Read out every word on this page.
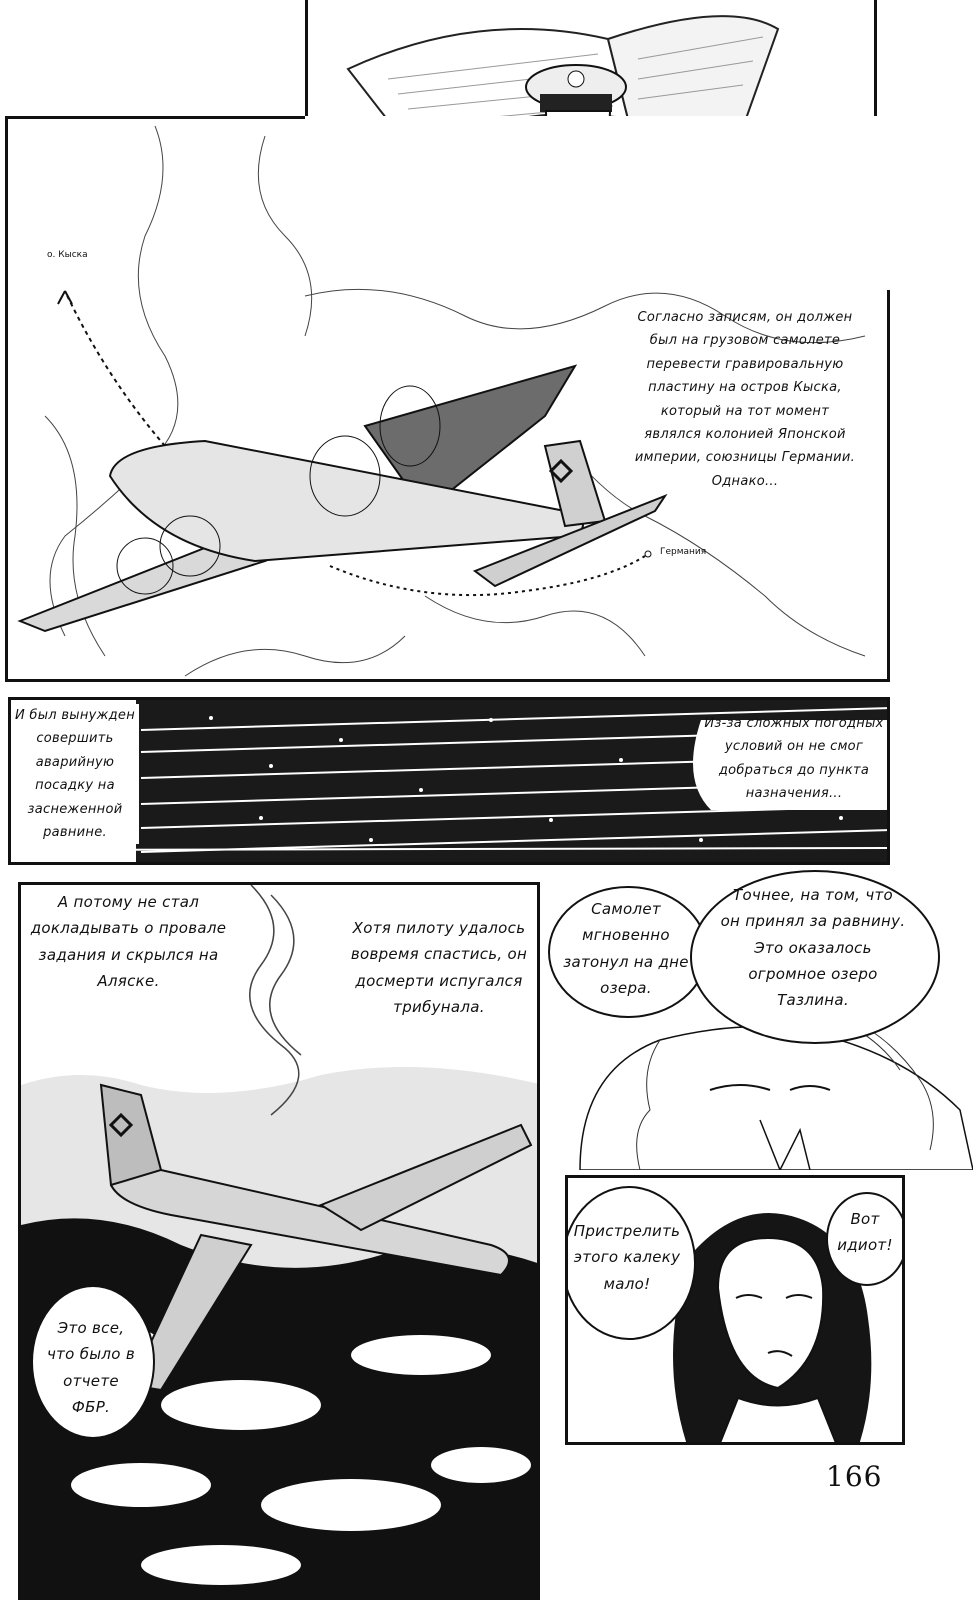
о. Кыска
Германия
Согласно записям, он должен
был на грузовом самолете
перевести гравировальную
пластину на остров Кыска,
который на тот момент
являлся колонией Японской
империи, союзницы Германии.
Однако...
И был вынужден
совершить
аварийную
посадку на
заснеженной
равнине.
Из-за сложных погодных
условий он не смог
добраться до пункта
назначения...
А потому не стал
докладывать о провале
задания и скрылся на
Аляске.
Хотя пилоту удалось
вовремя спастись, он
досмерти испугался
трибунала.
Это все,
что было в
отчете
ФБР.
Самолет
мгновенно
затонул на дне
озера.
Точнее, на том, что
он принял за равнину.
Это оказалось
огромное озеро
Тазлина.
Пристрелить
этого калеку
мало!
Вот
идиот!
166
